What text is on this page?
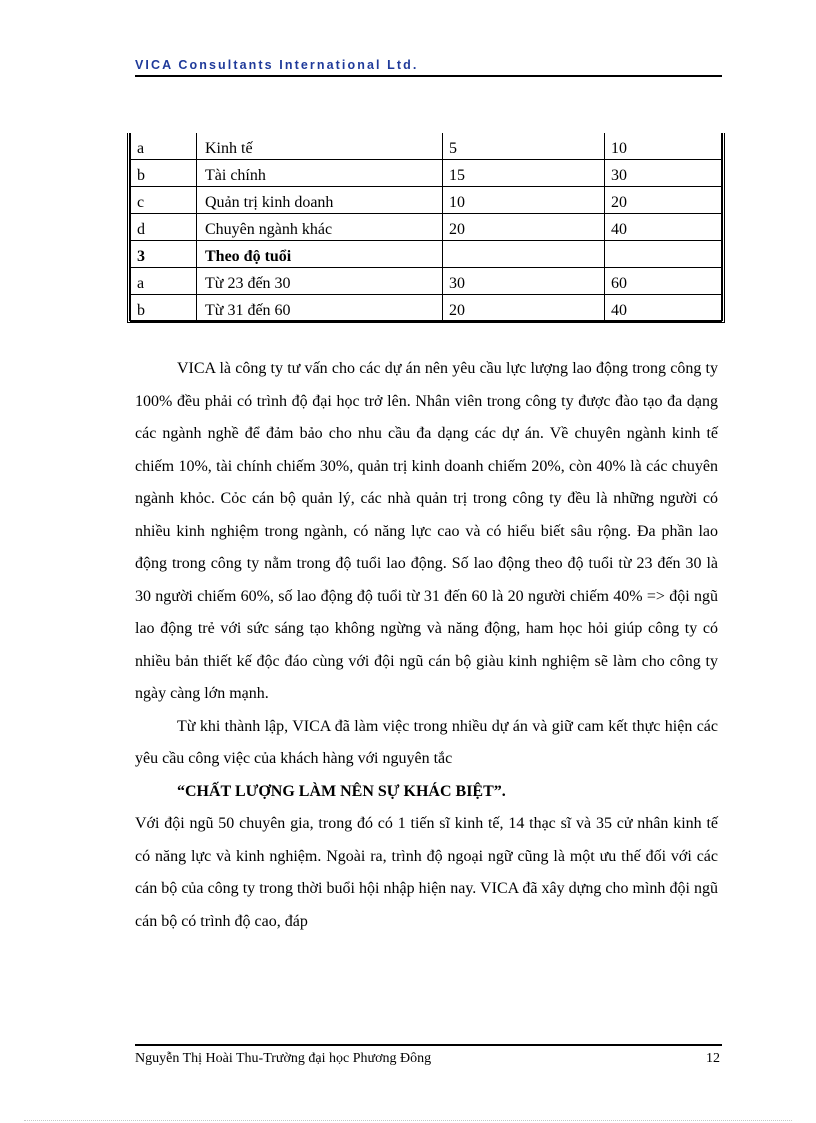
VICA Consultants International Ltd.
a	Kinh tế	5	10
b	Tài chính	15	30
c	Quản trị kinh doanh	10	20
d	Chuyên ngành khác	20	40
3	Theo độ tuổi		
a	Từ 23 đến 30	30	60
b	Từ 31 đến 60	20	40

VICA là công ty tư vấn cho các dự án nên yêu cầu lực lượng lao động trong công ty 100% đều phải có trình độ đại học trở lên. Nhân viên trong công ty được đào tạo đa dạng các ngành nghề để đảm bảo cho nhu cầu đa dạng các dự án. Về chuyên ngành kinh tế chiếm 10%, tài chính chiếm 30%, quản trị kinh doanh chiếm 20%, còn 40% là các chuyên ngành khỏc. Cỏc cán bộ quản lý, các nhà quản trị trong công ty đều là những người có nhiều kinh nghiệm trong ngành, có năng lực cao và có hiểu biết sâu rộng. Đa phần lao động trong công ty nằm trong độ tuổi lao động. Số lao động theo độ tuổi từ 23 đến 30 là 30 người chiếm 60%, số lao động độ tuổi từ 31 đến 60 là 20 người chiếm 40% => đội ngũ lao động trẻ với sức sáng tạo không ngừng và năng động, ham học hỏi giúp công ty có nhiều bản thiết kế độc đáo cùng với đội ngũ cán bộ giàu kinh nghiệm sẽ làm cho công ty ngày càng lớn mạnh.

Từ khi thành lập, VICA đã làm việc trong nhiều dự án và giữ cam kết thực hiện các yêu cầu công việc của khách hàng với nguyên tắc

“CHẤT LƯỢNG LÀM NÊN SỰ KHÁC BIỆT”.

Với đội ngũ 50 chuyên gia, trong đó có 1 tiến sĩ kinh tế, 14 thạc sĩ và 35 cử nhân kinh tế có năng lực và kinh nghiệm. Ngoài ra, trình độ ngoại ngữ cũng là một ưu thế đối với các cán bộ của công ty trong thời buổi hội nhập hiện nay. VICA đã xây dựng cho mình đội ngũ cán bộ có trình độ cao, đáp

Nguyễn Thị Hoài Thu-Trường đại học Phương Đông	12
